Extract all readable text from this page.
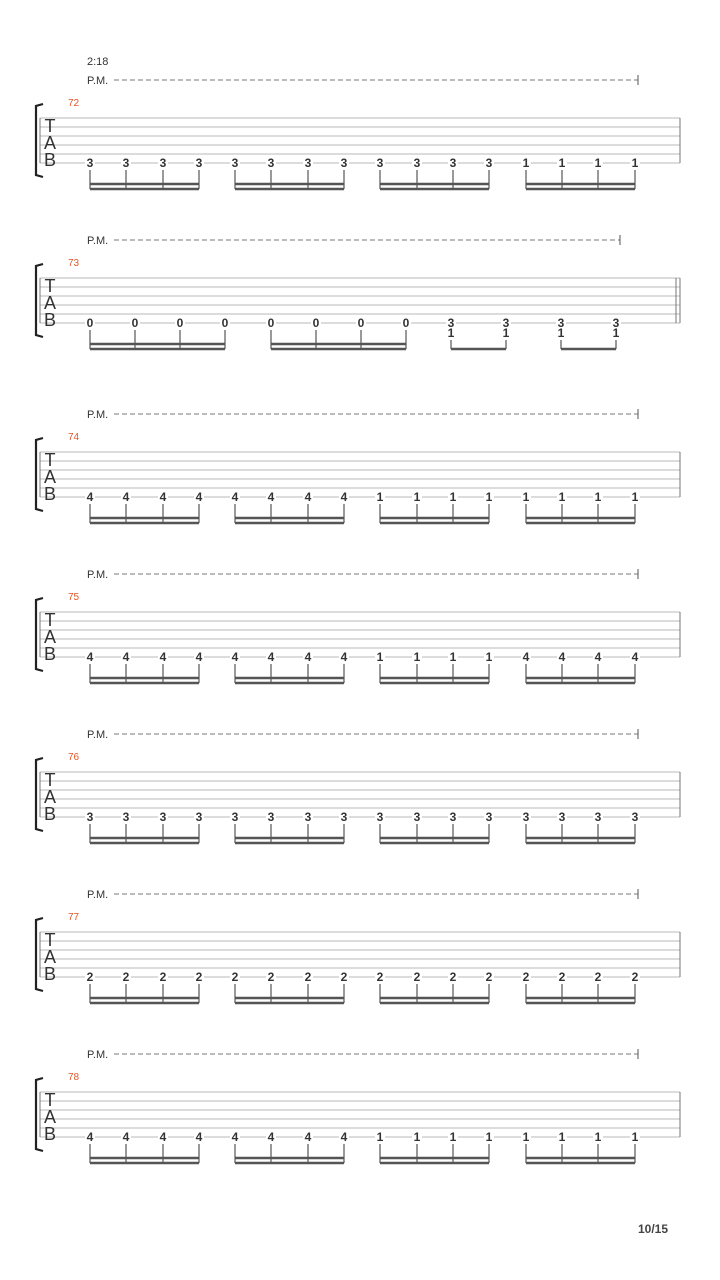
P.M.
72
T
A
B	3 3	3 3 3 3	3 3 3	3 3 3	1 1 1	1
P.M.
73
T
A
B	0	0	0	0	0	0	0	0	3
1
3
1
3
1
3
1
P.M.
74
T
A
B	4 4	4 4 4 4	4 4 1	1 1 1	1 1 1	1
P.M.
75
T
A
B	4 4	4 4 4 4	4 4 1	1 1 1	4 4 4	4
P.M.
76
T
A
B	3 3	3 3 3 3	3 3 3	3 3 3	3 3 3	3
P.M.
77
T
A
B	2 2	2 2 2 2	2 2 2	2 2 2	2 2 2	2
P.M.
78
T
A
B	4 4	4 4 4 4	4 4 1	1 1 1	1 1 1	1
2:18
10/15
